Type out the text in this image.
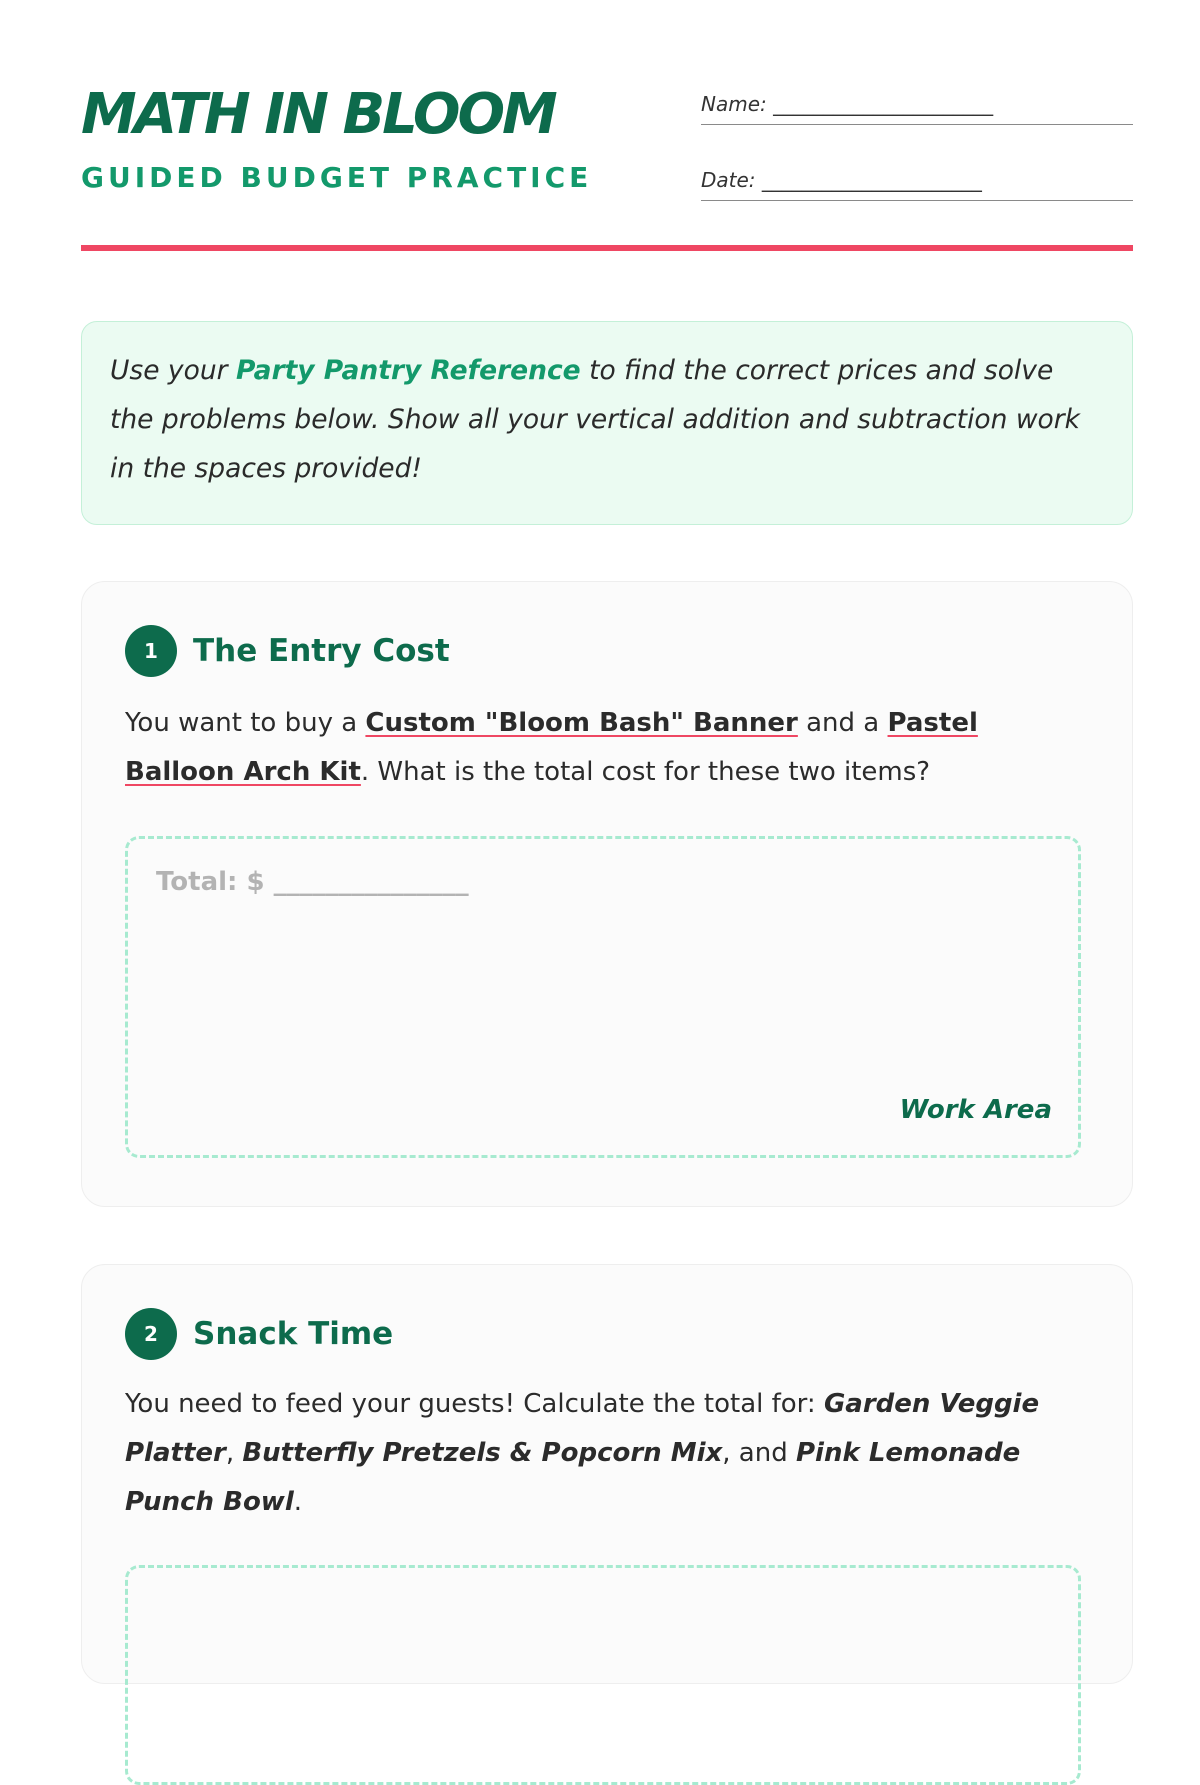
MATH IN BLOOM
GUIDED BUDGET PRACTICE
Name: ______________________
Date: ______________________
Use your Party Pantry Reference to find the correct prices and solve the problems below. Show all your vertical addition and subtraction work in the spaces provided!
1	The Entry Cost
You want to buy a Custom "Bloom Bash" Banner and a Pastel Balloon Arch Kit. What is the total cost for these two items?
Total: $ _______________
Work Area
2	Snack Time
You need to feed your guests! Calculate the total for: Garden Veggie Platter, Butterfly Pretzels & Popcorn Mix, and Pink Lemonade Punch Bowl.
